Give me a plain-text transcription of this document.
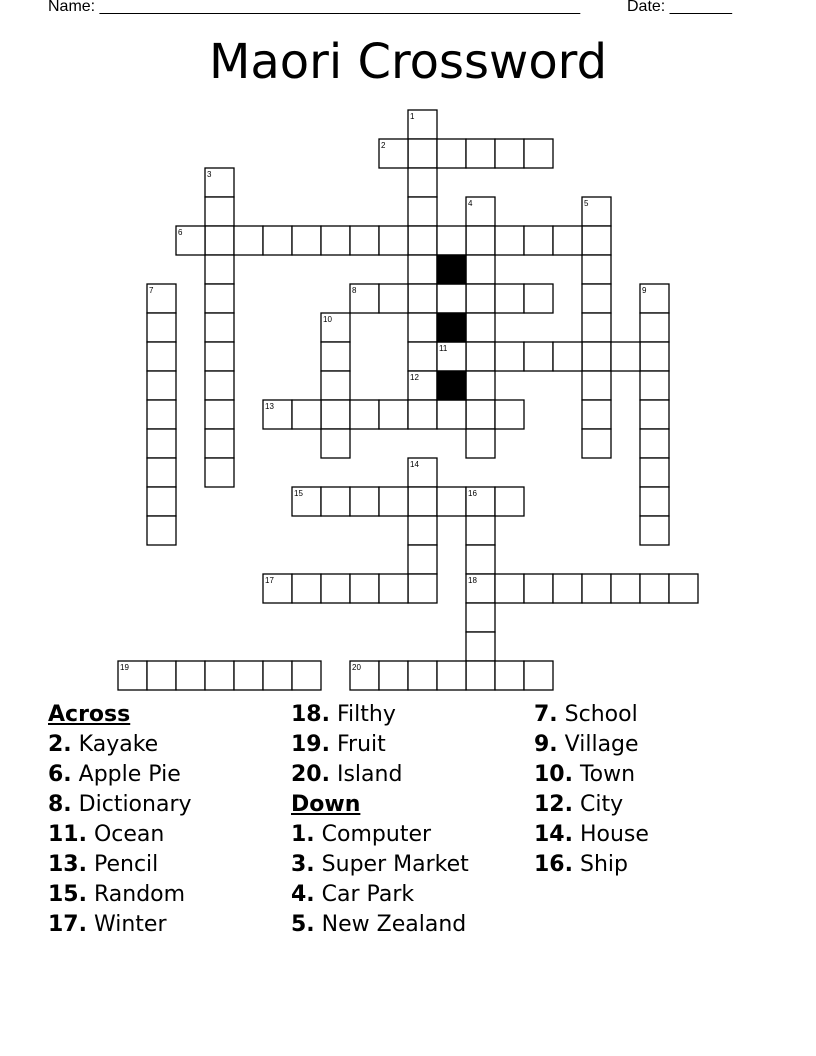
Name: ______________________________________________________	Date: _______
Maori Crossword
1
2
3
4	5
6
7	8	9
10
11
12
13
14
15	16
17	18
19	20
Across
2. Kayake
6. Apple Pie
8. Dictionary
11. Ocean
13. Pencil
15. Random
17. Winter
18. Filthy
19. Fruit
20. Island
Down
1. Computer
3. Super Market
4. Car Park
5. New Zealand
7. School
9. Village
10. Town
12. City
14. House
16. Ship
